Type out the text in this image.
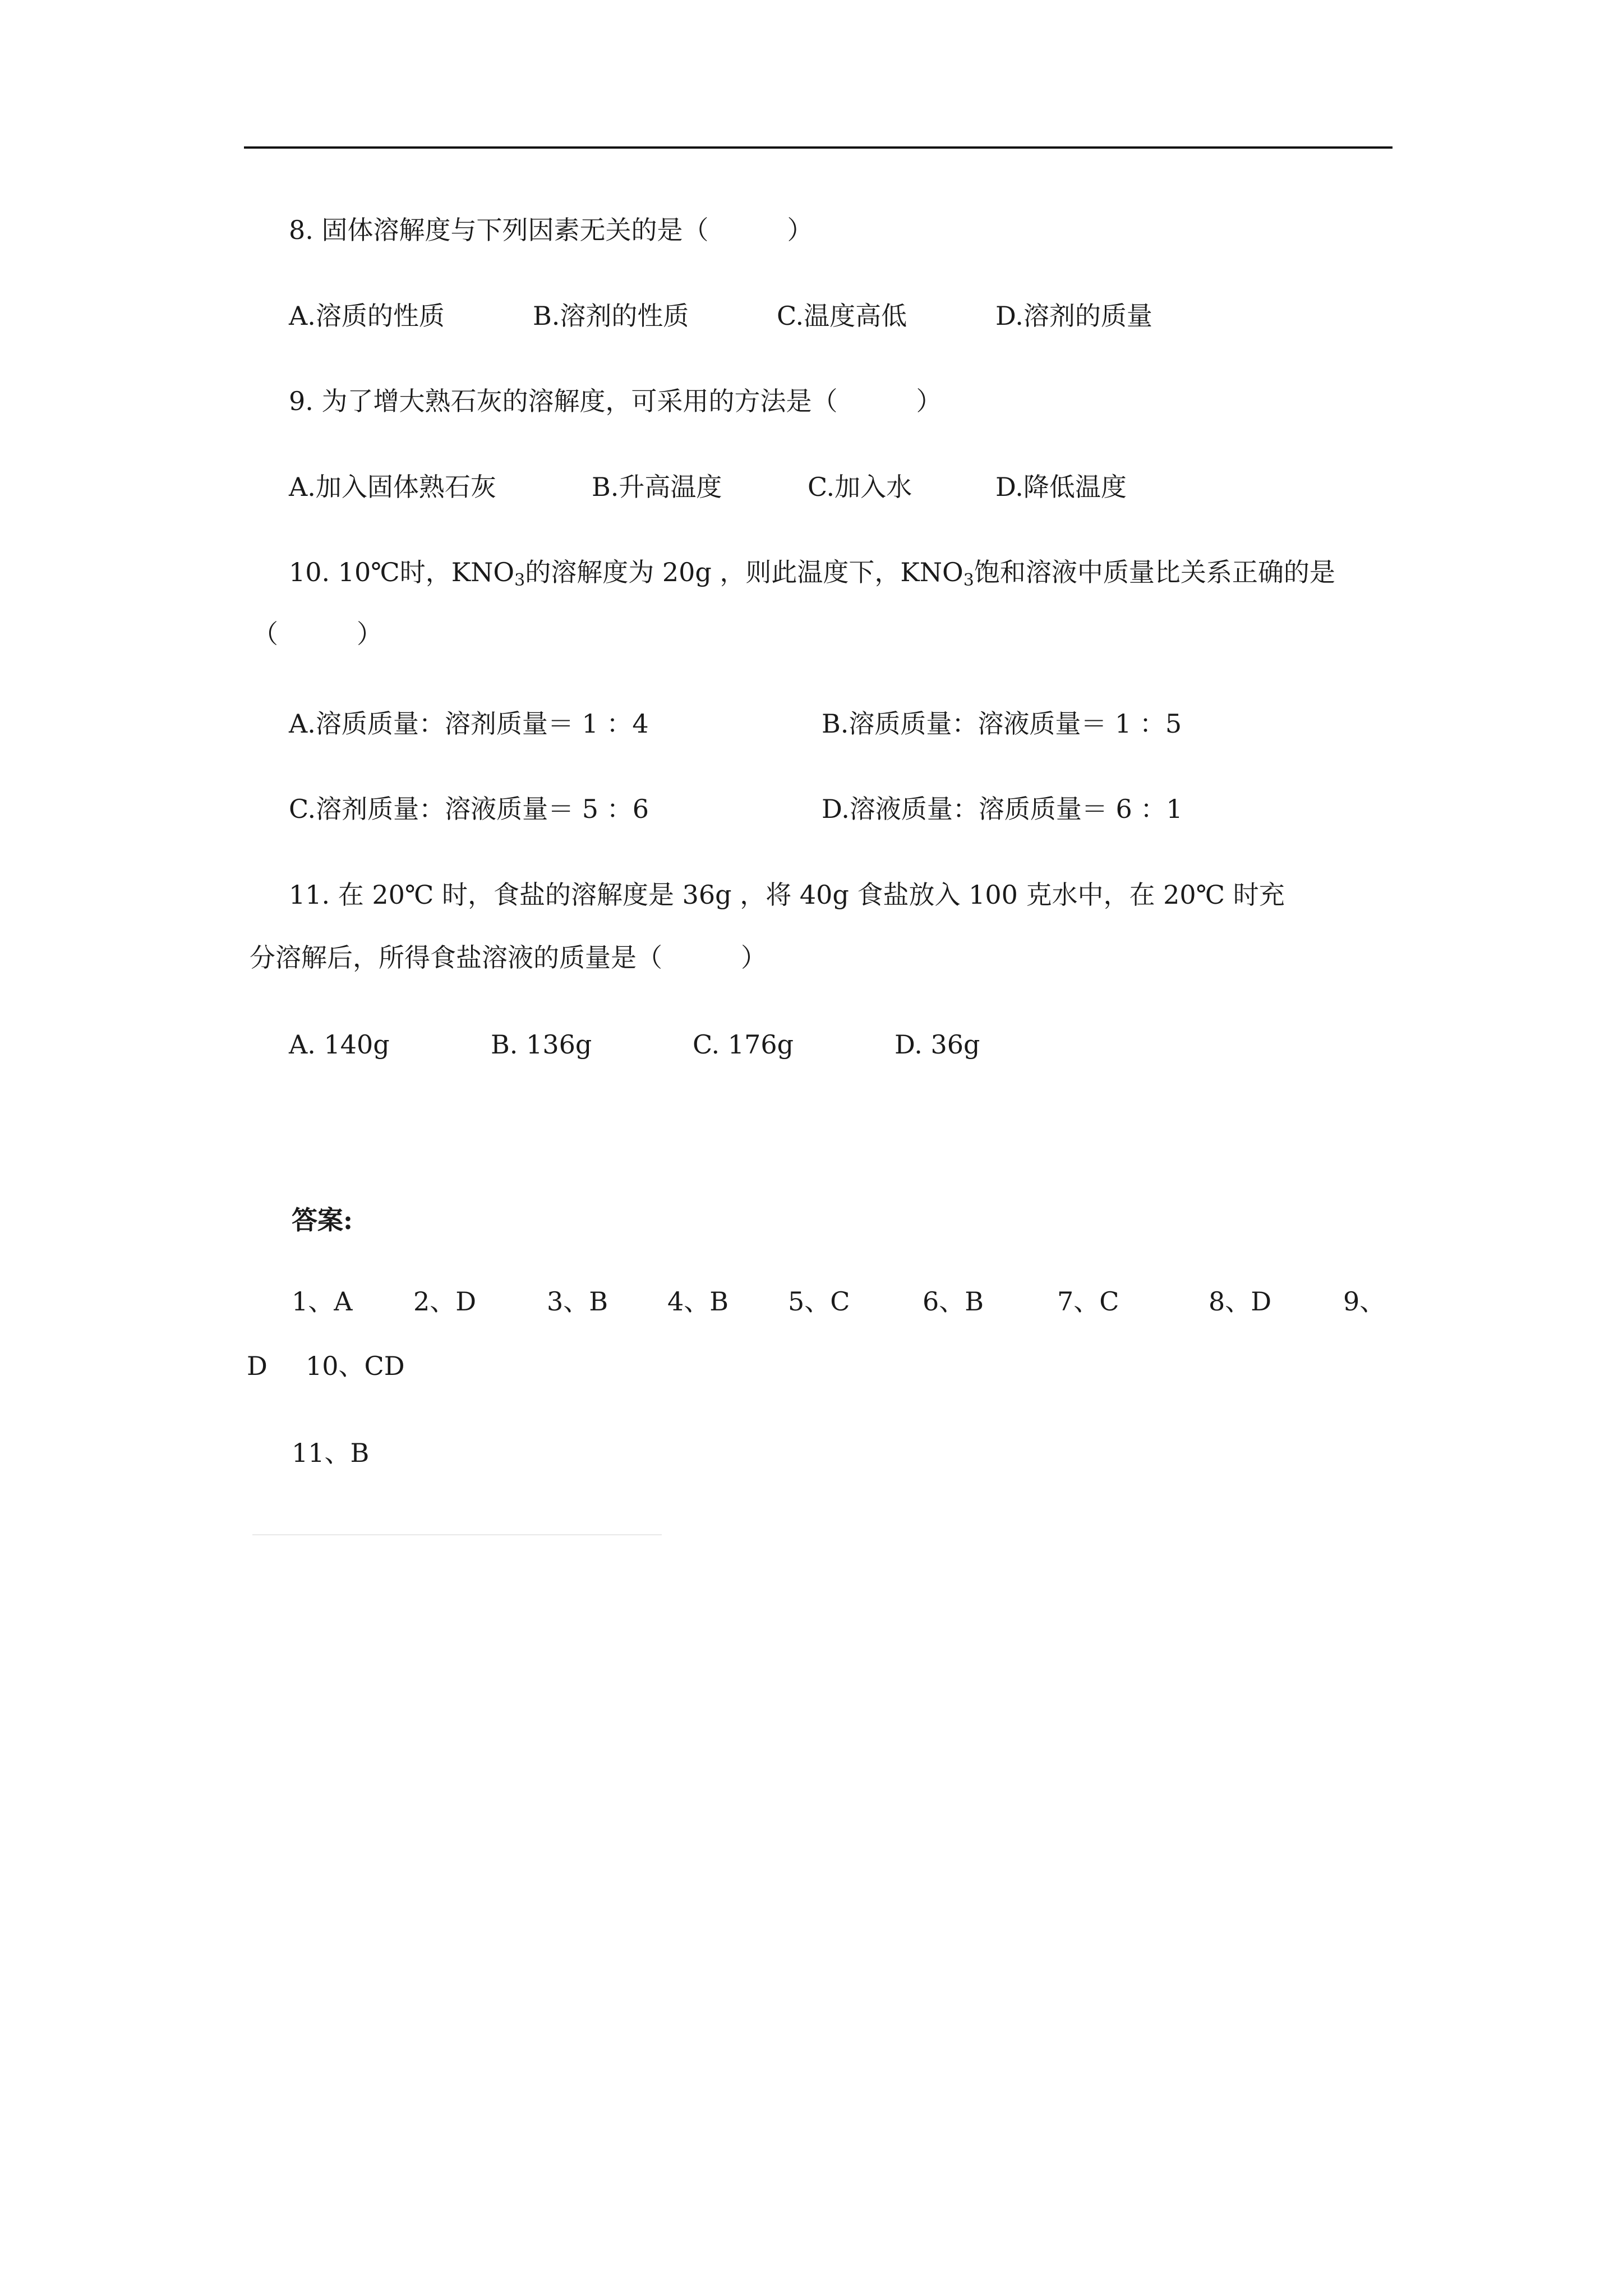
8. 固体溶解度与下列因素无关的是（	）
A.溶质的性质	B.溶剂的性质	C.温度高低	D.溶剂的质量
9. 为了增大熟石灰的溶解度，可采用的方法是（	）
A.加入固体熟石灰	B.升高温度	C.加入水	D.降低温度
10. 10℃时，$KNO_3$的溶解度为 20g ，则此温度下，$KNO_3$饱和溶液中质量比关系正确的是
（	）
A.溶质质量：溶剂质量＝ 1 ：4	B.溶质质量：溶液质量＝ 1 ：5
C.溶剂质量：溶液质量＝ 5 ：6	D.溶液质量：溶质质量＝ 6 ：1
11. 在 20℃ 时，食盐的溶解度是 36g ，将 40g 食盐放入 100 克水中，在 20℃ 时充
分溶解后，所得食盐溶液的质量是（	）
A. 140g	B. 136g	C. 176g	D. 36g
答案:
1、A 2、D	3、B 4、B 5、C	6、B	7、C	8、D	9、
D 10、CD
11、B
